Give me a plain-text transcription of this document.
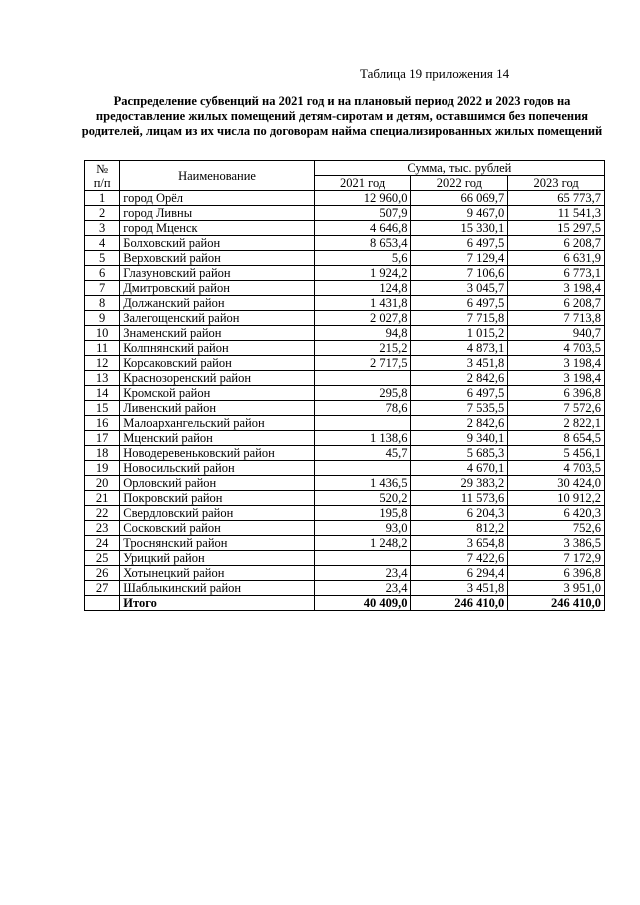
Таблица 19 приложения 14
Распределение субвенций на 2021 год и на плановый период 2022 и 2023 годов на предоставление жилых помещений детям-сиротам и детям, оставшимся без попечения родителей, лицам из их числа по договорам найма специализированных жилых помещений
№
п/п	Наименование	Сумма, тыс. рублей		
		2021 год	2022 год	2023 год
1	город Орёл	12 960,0	66 069,7	65 773,7
2	город Ливны	507,9	9 467,0	11 541,3
3	город Мценск	4 646,8	15 330,1	15 297,5
4	Болховский район	8 653,4	6 497,5	6 208,7
5	Верховский район	5,6	7 129,4	6 631,9
6	Глазуновский район	1 924,2	7 106,6	6 773,1
7	Дмитровский район	124,8	3 045,7	3 198,4
8	Должанский район	1 431,8	6 497,5	6 208,7
9	Залегощенский район	2 027,8	7 715,8	7 713,8
10	Знаменский район	94,8	1 015,2	940,7
11	Колпнянский район	215,2	4 873,1	4 703,5
12	Корсаковский район	2 717,5	3 451,8	3 198,4
13	Краснозоренский район		2 842,6	3 198,4
14	Кромской район	295,8	6 497,5	6 396,8
15	Ливенский район	78,6	7 535,5	7 572,6
16	Малоархангельский район		2 842,6	2 822,1
17	Мценский район	1 138,6	9 340,1	8 654,5
18	Новодеревеньковский район	45,7	5 685,3	5 456,1
19	Новосильский район		4 670,1	4 703,5
20	Орловский район	1 436,5	29 383,2	30 424,0
21	Покровский район	520,2	11 573,6	10 912,2
22	Свердловский район	195,8	6 204,3	6 420,3
23	Сосковский район	93,0	812,2	752,6
24	Троснянский район	1 248,2	3 654,8	3 386,5
25	Урицкий район		7 422,6	7 172,9
26	Хотынецкий район	23,4	6 294,4	6 396,8
27	Шаблыкинский район	23,4	3 451,8	3 951,0
	Итого	40 409,0	246 410,0	246 410,0
